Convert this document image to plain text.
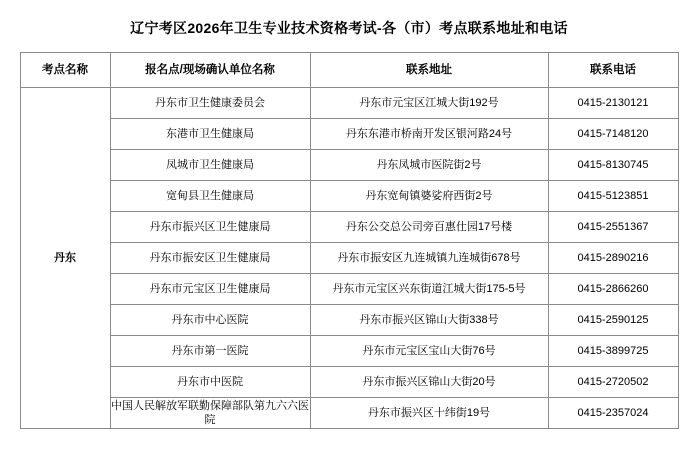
辽宁考区2026年卫生专业技术资格考试-各（市）考点联系地址和电话
考点名称	报名点/现场确认单位名称	联系地址	联系电话
丹东	丹东市卫生健康委员会	丹东市元宝区江城大街192号	0415-2130121
	东港市卫生健康局	丹东东港市桥南开发区银河路24号	0415-7148120
	凤城市卫生健康局	丹东凤城市医院街2号	0415-8130745
	宽甸县卫生健康局	丹东宽甸镇婆娑府西街2号	0415-5123851
	丹东市振兴区卫生健康局	丹东公交总公司旁百惠仕园17号楼	0415-2551367
	丹东市振安区卫生健康局	丹东市振安区九连城镇九连城街678号	0415-2890216
	丹东市元宝区卫生健康局	丹东市元宝区兴东街道江城大街175-5号	0415-2866260
	丹东市中心医院	丹东市振兴区锦山大街338号	0415-2590125
	丹东市第一医院	丹东市元宝区宝山大街76号	0415-3899725
	丹东市中医院	丹东市振兴区锦山大街20号	0415-2720502
	中国人民解放军联勤保障部队第九六六医院	丹东市振兴区十纬街19号	0415-2357024
